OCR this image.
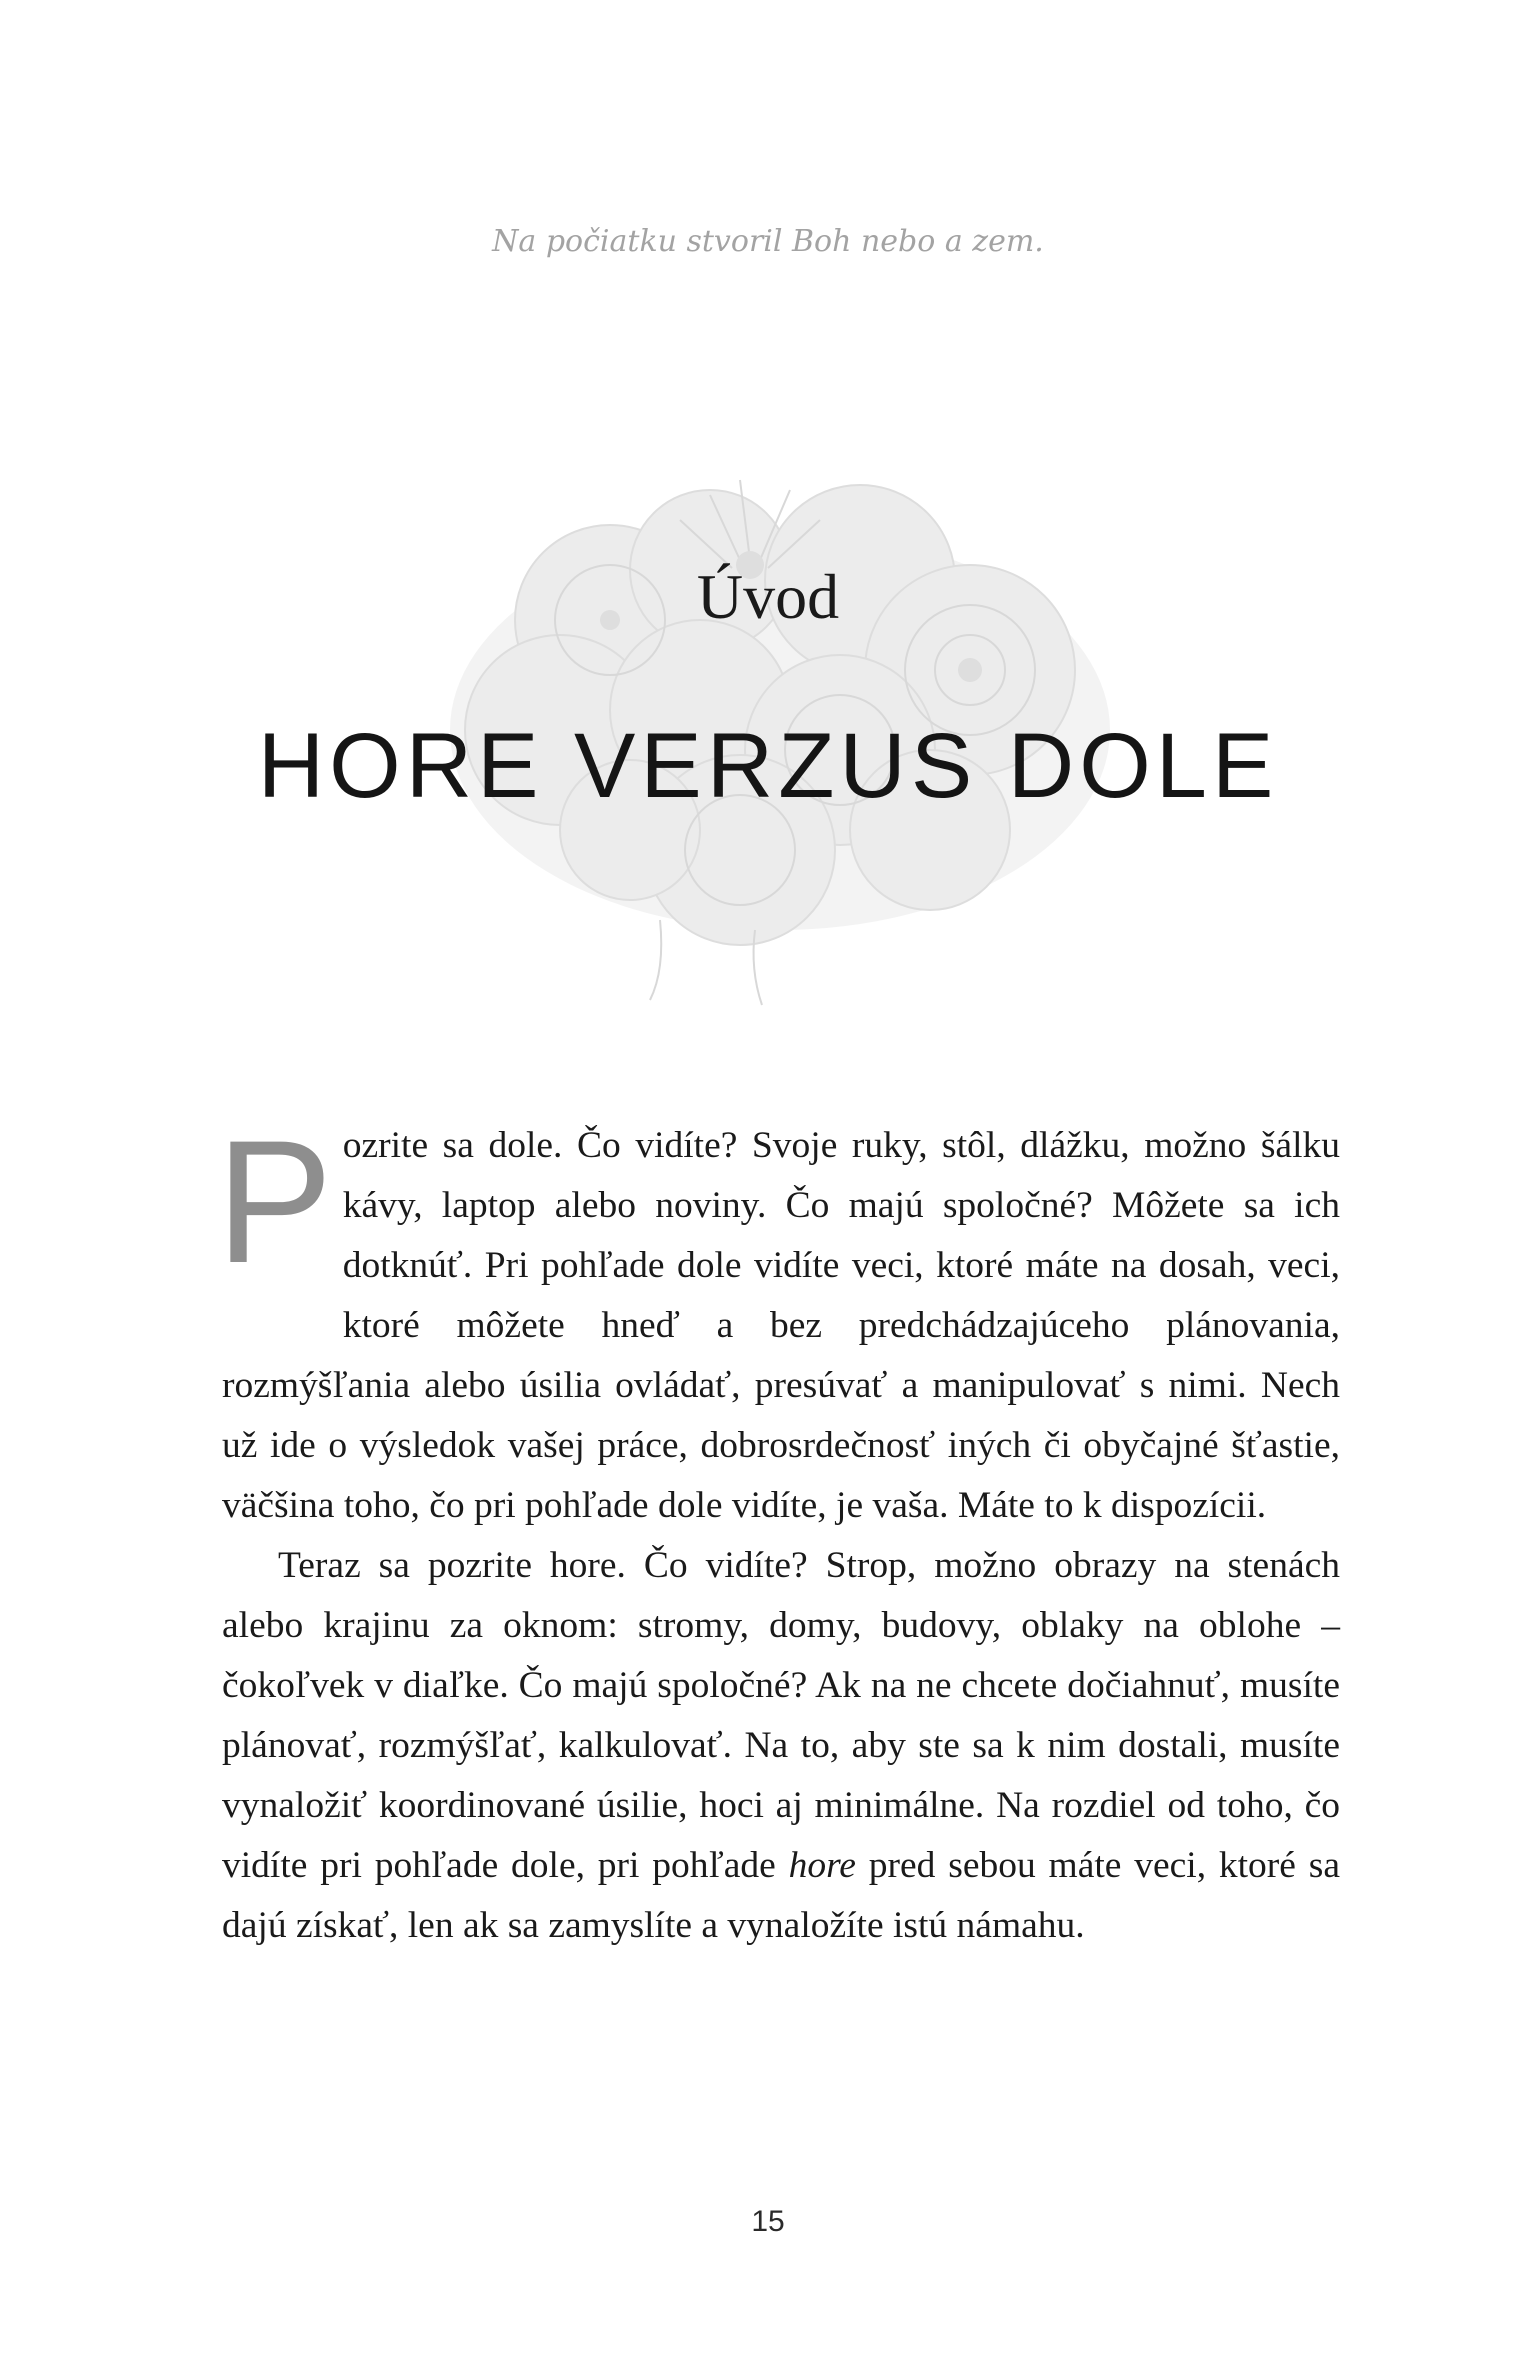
Na počiatku stvoril Boh nebo a zem.
Úvod
HORE VERZUS DOLE

Pozrite sa dole. Čo vidíte? Svoje ruky, stôl, dlážku, možno šálku kávy, laptop alebo noviny. Čo majú spoločné? Môžete sa ich dotknúť. Pri pohľade dole vidíte veci, ktoré máte na dosah, veci, ktoré môžete hneď a bez predchádzajúceho plánovania, rozmýšľania alebo úsilia ovládať, presúvať a manipulovať s nimi. Nech už ide o výsledok vašej práce, dobrosrdečnosť iných či obyčajné šťastie, väčšina toho, čo pri pohľade dole vidíte, je vaša. Máte to k dispozícii.

Teraz sa pozrite hore. Čo vidíte? Strop, možno obrazy na stenách alebo krajinu za oknom: stromy, domy, budovy, oblaky na oblohe – čokoľvek v diaľke. Čo majú spoločné? Ak na ne chcete dočiahnuť, musíte plánovať, rozmýšľať, kalkulovať. Na to, aby ste sa k nim dostali, musíte vynaložiť koordinované úsilie, hoci aj minimálne. Na rozdiel od toho, čo vidíte pri pohľade dole, pri pohľade hore pred sebou máte veci, ktoré sa dajú získať, len ak sa zamyslíte a vynaložíte istú námahu.

15
